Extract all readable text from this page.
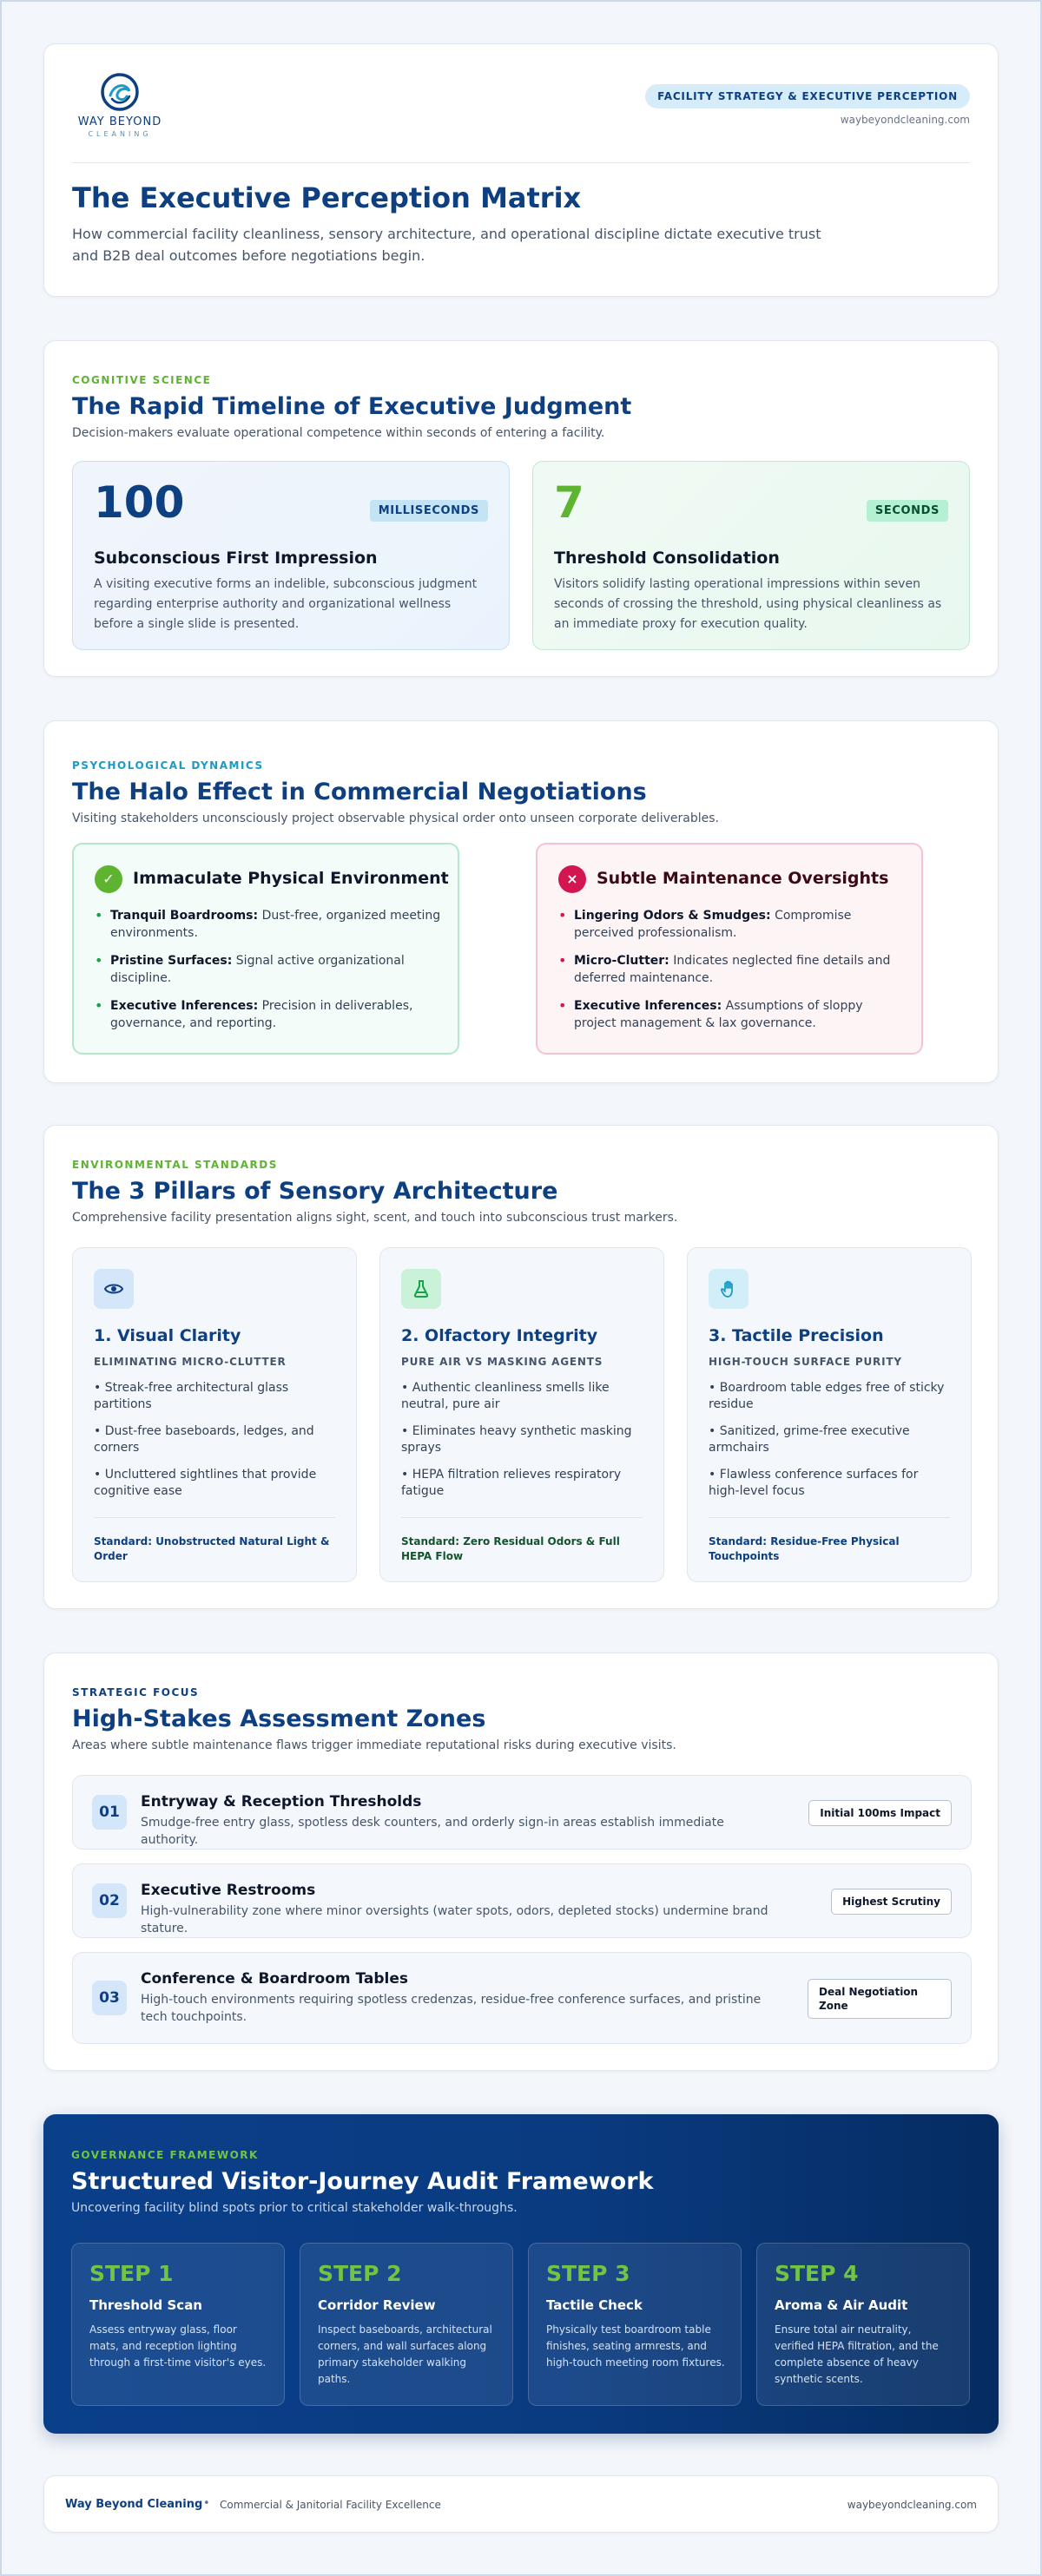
WAY BEYOND
CLEANING
FACILITY STRATEGY & EXECUTIVE PERCEPTION
waybeyondcleaning.com
The Executive Perception Matrix

How commercial facility cleanliness, sensory architecture, and operational discipline dictate executive trust and B2B deal outcomes before negotiations begin.

COGNITIVE SCIENCE
The Rapid Timeline of Executive Judgment

Decision-makers evaluate operational competence within seconds of entering a facility.

100	MILLISECONDS
Subconscious First Impression

A visiting executive forms an indelible, subconscious judgment regarding enterprise authority and organizational wellness before a single slide is presented.

7	SECONDS
Threshold Consolidation

Visitors solidify lasting operational impressions within seven seconds of crossing the threshold, using physical cleanliness as an immediate proxy for execution quality.

PSYCHOLOGICAL DYNAMICS
The Halo Effect in Commercial Negotiations

Visiting stakeholders unconsciously project observable physical order onto unseen corporate deliverables.

✓	Immaculate Physical Environment
• Tranquil Boardrooms: Dust-free, organized meeting environments.
• Pristine Surfaces: Signal active organizational discipline.
• Executive Inferences: Precision in deliverables, governance, and reporting.
×	Subtle Maintenance Oversights
• Lingering Odors & Smudges: Compromise perceived professionalism.
• Micro-Clutter: Indicates neglected fine details and deferred maintenance.
• Executive Inferences: Assumptions of sloppy project management & lax governance.
ENVIRONMENTAL STANDARDS
The 3 Pillars of Sensory Architecture

Comprehensive facility presentation aligns sight, scent, and touch into subconscious trust markers.

1. Visual Clarity
ELIMINATING MICRO-CLUTTER
• Streak-free architectural glass partitions
• Dust-free baseboards, ledges, and corners
• Uncluttered sightlines that provide cognitive ease
Standard: Unobstructed Natural Light & Order
2. Olfactory Integrity
PURE AIR VS MASKING AGENTS
• Authentic cleanliness smells like neutral, pure air
• Eliminates heavy synthetic masking sprays
• HEPA filtration relieves respiratory fatigue
Standard: Zero Residual Odors & Full HEPA Flow
3. Tactile Precision
HIGH-TOUCH SURFACE PURITY
• Boardroom table edges free of sticky residue
• Sanitized, grime-free executive armchairs
• Flawless conference surfaces for high-level focus
Standard: Residue-Free Physical Touchpoints
STRATEGIC FOCUS
High-Stakes Assessment Zones

Areas where subtle maintenance flaws trigger immediate reputational risks during executive visits.

01
Entryway & Reception Thresholds
Smudge-free entry glass, spotless desk counters, and orderly sign-in areas establish immediate authority.
Initial 100ms Impact
02
Executive Restrooms
High-vulnerability zone where minor oversights (water spots, odors, depleted stocks) undermine brand stature.
Highest Scrutiny
03
Conference & Boardroom Tables
High-touch environments requiring spotless credenzas, residue-free conference surfaces, and pristine tech touchpoints.
Deal Negotiation Zone
GOVERNANCE FRAMEWORK
Structured Visitor-Journey Audit Framework

Uncovering facility blind spots prior to critical stakeholder walk-throughs.

STEP 1
Threshold Scan

Assess entryway glass, floor mats, and reception lighting through a first-time visitor's eyes.

STEP 2
Corridor Review

Inspect baseboards, architectural corners, and wall surfaces along primary stakeholder walking paths.

STEP 3
Tactile Check

Physically test boardroom table finishes, seating armrests, and high-touch meeting room fixtures.

STEP 4
Aroma & Air Audit

Ensure total air neutrality, verified HEPA filtration, and the complete absence of heavy synthetic scents.

Way Beyond Cleaning • Commercial & Janitorial Facility Excellence	waybeyondcleaning.com
